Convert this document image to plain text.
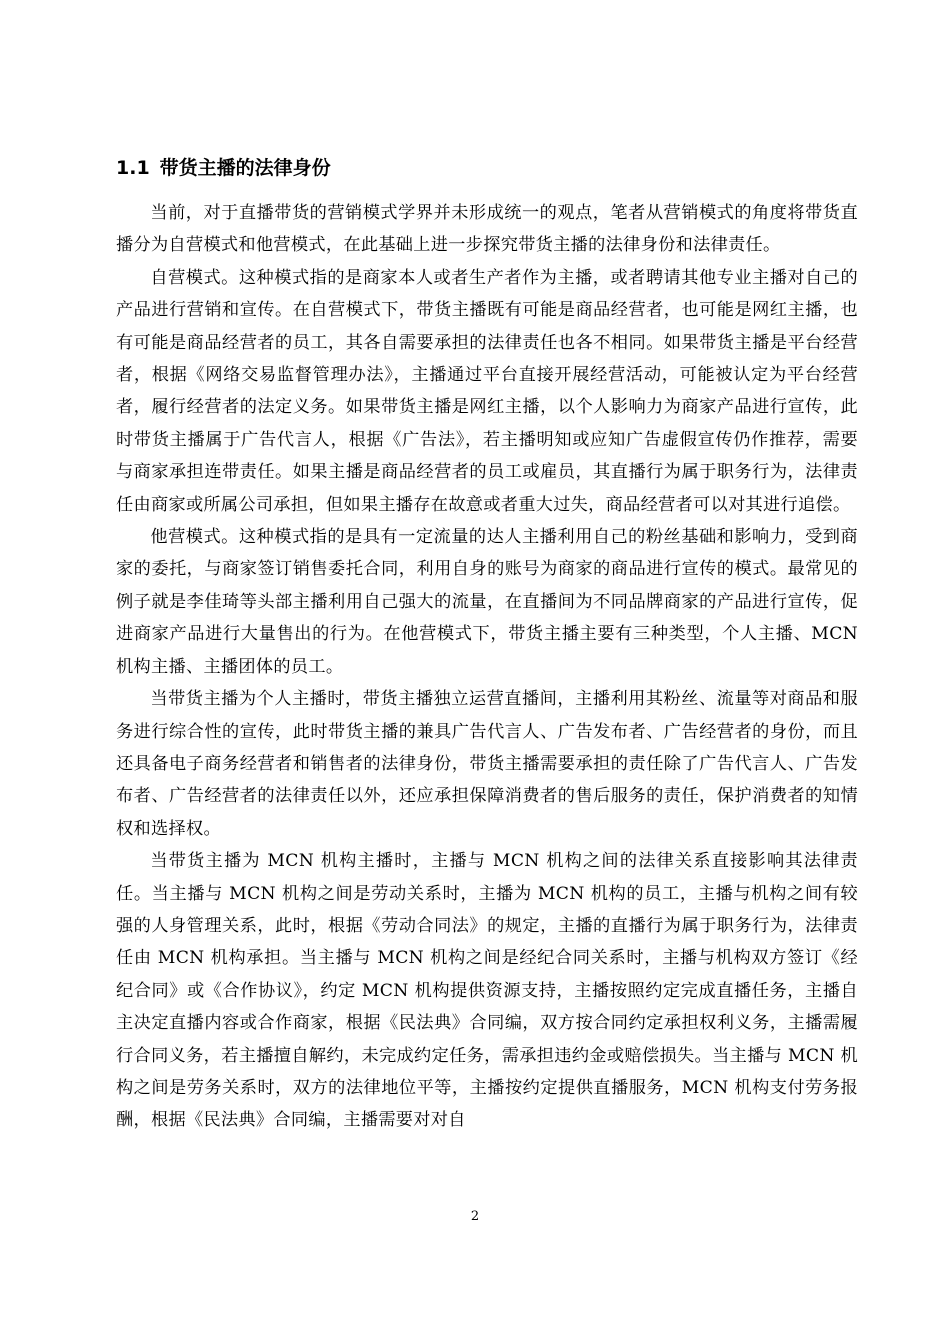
1.1 带货主播的法律身份

当前，对于直播带货的营销模式学界并未形成统一的观点，笔者从营销模式的角度将带货直播分为自营模式和他营模式，在此基础上进一步探究带货主播的法律身份和法律责任。

自营模式。这种模式指的是商家本人或者生产者作为主播，或者聘请其他专业主播对自己的产品进行营销和宣传。在自营模式下，带货主播既有可能是商品经营者，也可能是网红主播，也有可能是商品经营者的员工，其各自需要承担的法律责任也各不相同。如果带货主播是平台经营者，根据《网络交易监督管理办法》，主播通过平台直接开展经营活动，可能被认定为平台经营者，履行经营者的法定义务。如果带货主播是网红主播，以个人影响力为商家产品进行宣传，此时带货主播属于广告代言人，根据《广告法》，若主播明知或应知广告虚假宣传仍作推荐，需要与商家承担连带责任。如果主播是商品经营者的员工或雇员，其直播行为属于职务行为，法律责任由商家或所属公司承担，但如果主播存在故意或者重大过失，商品经营者可以对其进行追偿。

他营模式。这种模式指的是具有一定流量的达人主播利用自己的粉丝基础和影响力，受到商家的委托，与商家签订销售委托合同，利用自身的账号为商家的商品进行宣传的模式。最常见的例子就是李佳琦等头部主播利用自己强大的流量，在直播间为不同品牌商家的产品进行宣传，促进商家产品进行大量售出的行为。在他营模式下，带货主播主要有三种类型，个人主播、MCN 机构主播、主播团体的员工。

当带货主播为个人主播时，带货主播独立运营直播间，主播利用其粉丝、流量等对商品和服务进行综合性的宣传，此时带货主播的兼具广告代言人、广告发布者、广告经营者的身份，而且还具备电子商务经营者和销售者的法律身份，带货主播需要承担的责任除了广告代言人、广告发布者、广告经营者的法律责任以外，还应承担保障消费者的售后服务的责任，保护消费者的知情权和选择权。

当带货主播为 MCN 机构主播时，主播与 MCN 机构之间的法律关系直接影响其法律责任。当主播与 MCN 机构之间是劳动关系时，主播为 MCN 机构的员工，主播与机构之间有较强的人身管理关系，此时，根据《劳动合同法》的规定，主播的直播行为属于职务行为，法律责任由 MCN 机构承担。当主播与 MCN 机构之间是经纪合同关系时，主播与机构双方签订《经纪合同》或《合作协议》，约定 MCN 机构提供资源支持，主播按照约定完成直播任务，主播自主决定直播内容或合作商家，根据《民法典》合同编，双方按合同约定承担权利义务，主播需履行合同义务，若主播擅自解约，未完成约定任务，需承担违约金或赔偿损失。当主播与 MCN 机构之间是劳务关系时，双方的法律地位平等，主播按约定提供直播服务，MCN 机构支付劳务报酬，根据《民法典》合同编，主播需要对对自

2
